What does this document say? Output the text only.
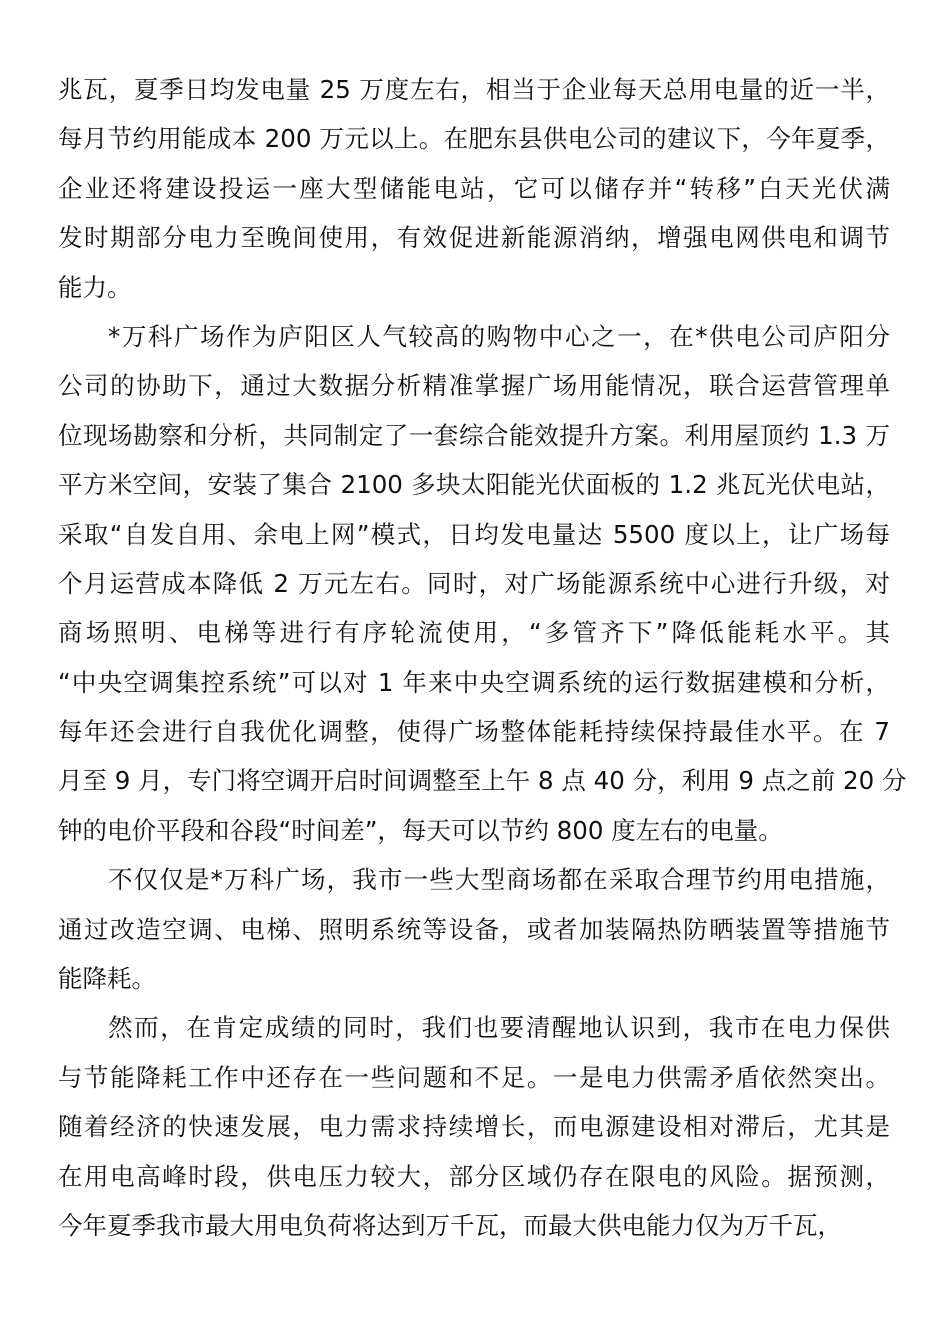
兆瓦，夏季日均发电量 25 万度左右，相当于企业每天总用电量的近一半，
每月节约用能成本 200 万元以上。在肥东县供电公司的建议下，今年夏季，
企业还将建设投运一座大型储能电站，它可以储存并“转移”白天光伏满
发时期部分电力至晚间使用，有效促进新能源消纳，增强电网供电和调节
能力。
*万科广场作为庐阳区人气较高的购物中心之一，在*供电公司庐阳分
公司的协助下，通过大数据分析精准掌握广场用能情况，联合运营管理单
位现场勘察和分析，共同制定了一套综合能效提升方案。利用屋顶约 1.3 万
平方米空间，安装了集合 2100 多块太阳能光伏面板的 1.2 兆瓦光伏电站，
采取“自发自用、余电上网”模式，日均发电量达 5500 度以上，让广场每
个月运营成本降低 2 万元左右。同时，对广场能源系统中心进行升级，对
商场照明、电梯等进行有序轮流使用，“多管齐下”降低能耗水平。其
“中央空调集控系统”可以对 1 年来中央空调系统的运行数据建模和分析，
每年还会进行自我优化调整，使得广场整体能耗持续保持最佳水平。在 7
月至 9 月，专门将空调开启时间调整至上午 8 点 40 分，利用 9 点之前 20 分
钟的电价平段和谷段“时间差”，每天可以节约 800 度左右的电量。
不仅仅是*万科广场，我市一些大型商场都在采取合理节约用电措施，
通过改造空调、电梯、照明系统等设备，或者加装隔热防晒装置等措施节
能降耗。
然而，在肯定成绩的同时，我们也要清醒地认识到，我市在电力保供
与节能降耗工作中还存在一些问题和不足。一是电力供需矛盾依然突出。
随着经济的快速发展，电力需求持续增长，而电源建设相对滞后，尤其是
在用电高峰时段，供电压力较大，部分区域仍存在限电的风险。据预测，
今年夏季我市最大用电负荷将达到万千瓦，而最大供电能力仅为万千瓦，
